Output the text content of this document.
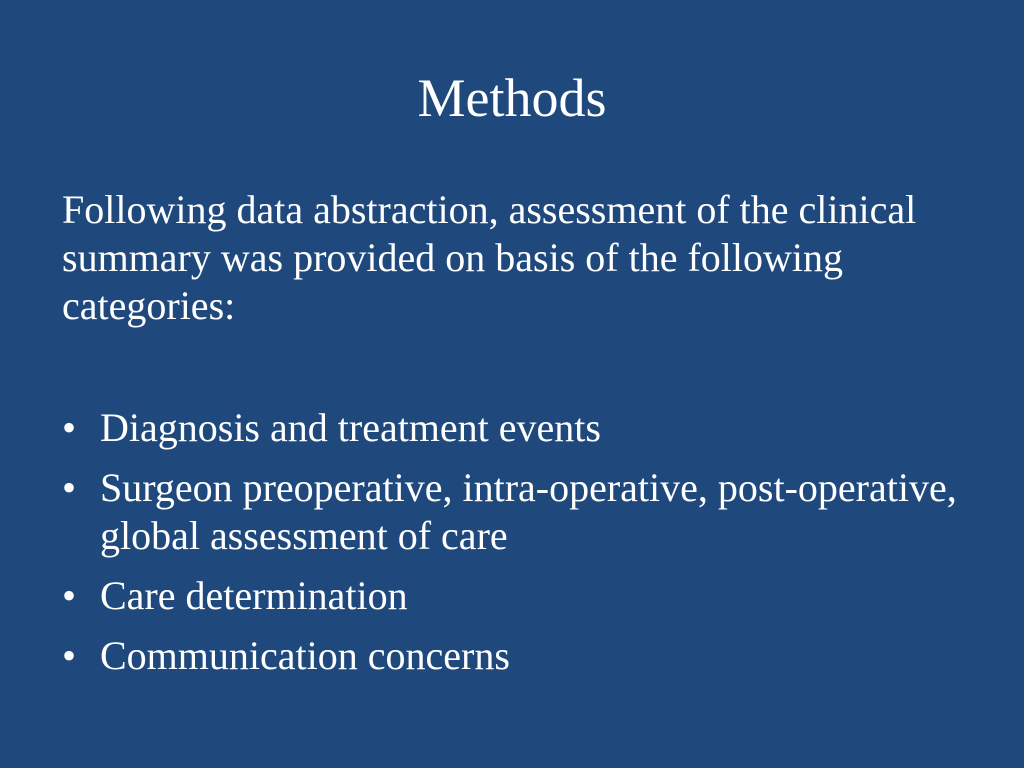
Methods

Following data abstraction, assessment of the clinical summary was provided on basis of the following categories:

• Diagnosis and treatment events
• Surgeon preoperative, intra-operative, post-operative, global assessment of care
• Care determination
• Communication concerns
